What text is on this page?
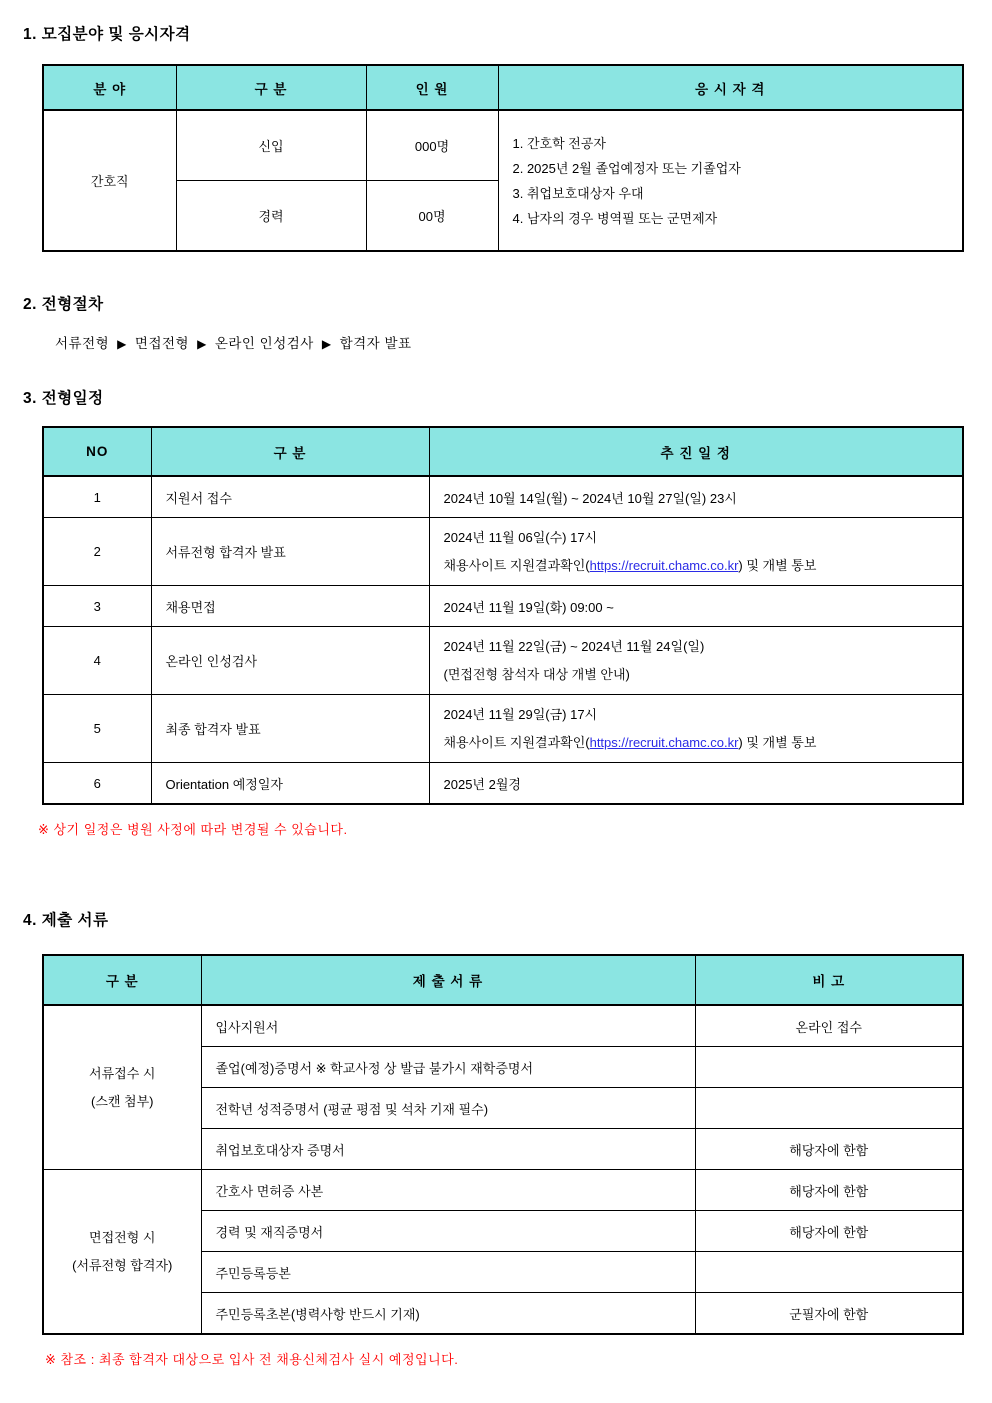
1. 모집분야 및 응시자격
분 야	구 분	인 원	응 시 자 격
간호직	신입	000명	1. 간호학 전공자
2. 2025년 2월 졸업예정자 또는 기졸업자
3. 취업보호대상자 우대
4. 남자의 경우 병역필 또는 군면제자

	경력	00명	
2. 전형절차
서류전형 ▶ 면접전형 ▶ 온라인 인성검사 ▶ 합격자 발표
3. 전형일정
NO	구 분	추 진 일 정
1	지원서 접수	2024년 10월 14일(월) ~ 2024년 10월 27일(일) 23시
2	서류전형 합격자 발표	2024년 11월 06일(수) 17시
채용사이트 지원결과확인(https://recruit.chamc.co.kr) 및 개별 통보

3	채용면접	2024년 11월 19일(화) 09:00 ~
4	온라인 인성검사	2024년 11월 22일(금) ~ 2024년 11월 24일(일)
(면접전형 참석자 대상 개별 안내)

5	최종 합격자 발표	2024년 11월 29일(금) 17시
채용사이트 지원결과확인(https://recruit.chamc.co.kr) 및 개별 통보

6	Orientation 예정일자	2025년 2월경
※ 상기 일정은 병원 사정에 따라 변경될 수 있습니다.
4. 제출 서류
구 분	제 출 서 류	비 고

서류접수 시
(스캔 첨부)	입사지원서	온라인 접수
	졸업(예정)증명서 ※ 학교사정 상 발급 불가시 재학증명서	
	전학년 성적증명서 (평균 평점 및 석차 기재 필수)	
	취업보호대상자 증명서	해당자에 한함

면접전형 시
(서류전형 합격자)	간호사 면허증 사본	해당자에 한함
	경력 및 재직증명서	해당자에 한함
	주민등록등본	
	주민등록초본(병력사항 반드시 기재)	군필자에 한함
※ 참조 : 최종 합격자 대상으로 입사 전 채용신체검사 실시 예정입니다.
